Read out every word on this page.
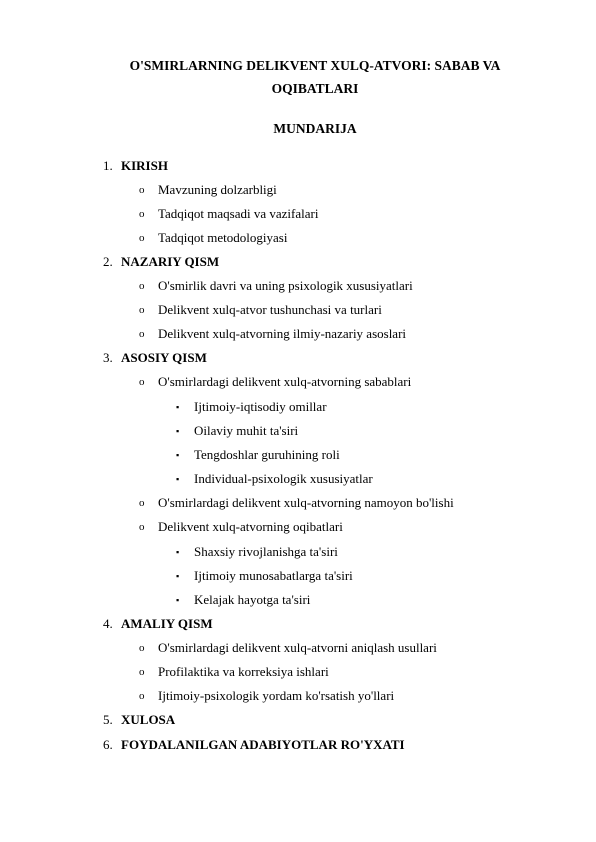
O'SMIRLARNING DELIKVENT XULQ-ATVORI: SABAB VA
OQIBATLARI
MUNDARIJA
1. KIRISH
o Mavzuning dolzarbligi
o Tadqiqot maqsadi va vazifalari
o Tadqiqot metodologiyasi
2. NAZARIY QISM
o O'smirlik davri va uning psixologik xususiyatlari
o Delikvent xulq-atvor tushunchasi va turlari
o Delikvent xulq-atvorning ilmiy-nazariy asoslari
3. ASOSIY QISM
o O'smirlardagi delikvent xulq-atvorning sabablari
▪ Ijtimoiy-iqtisodiy omillar
▪ Oilaviy muhit ta'siri
▪ Tengdoshlar guruhining roli
▪ Individual-psixologik xususiyatlar
o O'smirlardagi delikvent xulq-atvorning namoyon bo'lishi
o Delikvent xulq-atvorning oqibatlari
▪ Shaxsiy rivojlanishga ta'siri
▪ Ijtimoiy munosabatlarga ta'siri
▪ Kelajak hayotga ta'siri
4. AMALIY QISM
o O'smirlardagi delikvent xulq-atvorni aniqlash usullari
o Profilaktika va korreksiya ishlari
o Ijtimoiy-psixologik yordam ko'rsatish yo'llari
5. XULOSA
6. FOYDALANILGAN ADABIYOTLAR RO'YXATI
